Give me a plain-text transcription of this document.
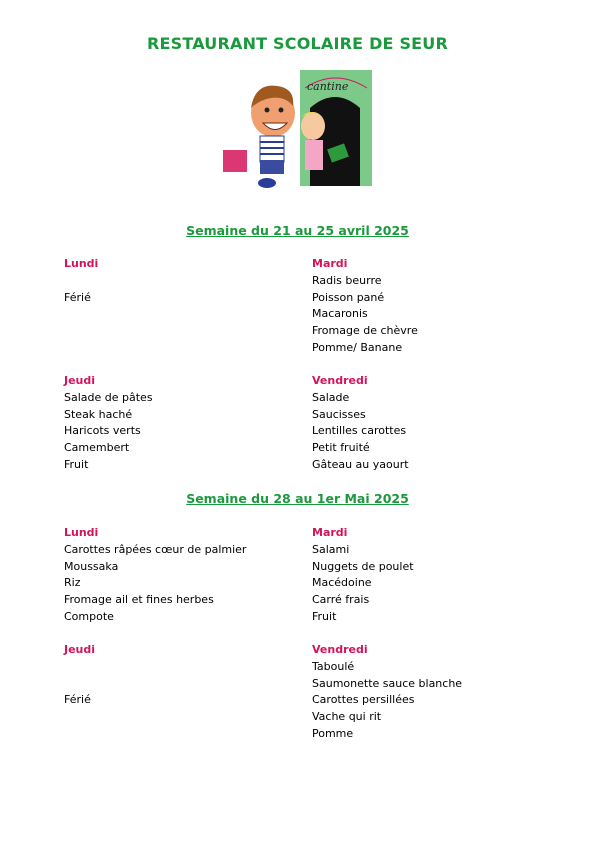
RESTAURANT SCOLAIRE DE SEUR
cantine
Semaine du 21 au 25 avril 2025
Lundi
Férié
Mardi
Radis beurre
Poisson pané
Macaronis
Fromage de chèvre
Pomme/ Banane
Jeudi
Salade de pâtes
Steak haché
Haricots verts
Camembert
Fruit
Vendredi
Salade
Saucisses
Lentilles carottes
Petit fruité
Gâteau au yaourt
Semaine du 28 au 1er Mai 2025
Lundi
Carottes râpées cœur de palmier
Moussaka
Riz
Fromage ail et fines herbes
Compote
Mardi
Salami
Nuggets de poulet
Macédoine
Carré frais
Fruit
Jeudi
Férié
Vendredi
Taboulé
Saumonette sauce blanche
Carottes persillées
Vache qui rit
Pomme
